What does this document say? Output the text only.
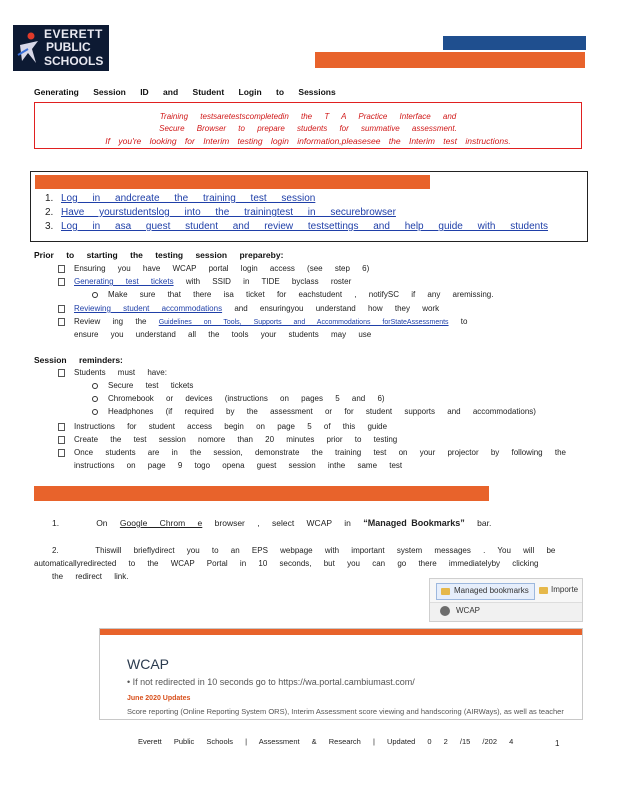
EVERETT
PUBLIC
SCHOOLS
Generating Session ID and Student Login to Sessions
Training testsaretestscompletedin the T A Practice Interface and
Secure Browser to prepare students for summative assessment.
If you're looking for Interim testing login information,pleasesee the Interim test instructions.
1. Log in andcreate the training test session
2. Have yourstudentslog into the trainingtest in securebrowser
3. Log in asa guest student and review testsettings and help guide with students
Prior to starting the testing session prepareby:
Ensuring you have WCAP portal login access (see step 6)
Generating test tickets with SSID in TIDE byclass roster
Make sure that there isa ticket for eachstudent , notifySC if any aremissing.
Reviewing student accommodations and ensuringyou understand how they work
Review ing the Guidelines on Tools, Supports and Accommodations forStateAssessments to
ensure you understand all the tools your students may use
Session reminders:
Students must have:
Secure test tickets
Chromebook or devices (instructions on pages 5 and 6)
Headphones (if required by the assessment or for student supports and accommodations)
Instructions for student access begin on page 5 of this guide
Create the test session nomore than 20 minutes prior to testing
Once students are in the session, demonstrate the training test on your projector by following the
instructions on page 9 togo opena guest session inthe same test
1.	On Google Chrom e browser , select WCAP in “Managed Bookmarks” bar.
2.	Thiswill brieflydirect you to an EPS webpage with important system messages . You will be
automaticallyredirected to the WCAP Portal in 10 seconds, but you can go there immediatelyby clicking
the redirect link.
Managed bookmarks	Importe
WCAP
WCAP
• If not redirected in 10 seconds go to https://wa.portal.cambiumast.com/
June 2020 Updates
Score reporting (Online Reporting System ORS), Interim Assessment score viewing and handscoring (AIRWays), as well as teacher
Everett Public Schools | Assessment & Research | Updated 0 2 /15 /202 4	1
